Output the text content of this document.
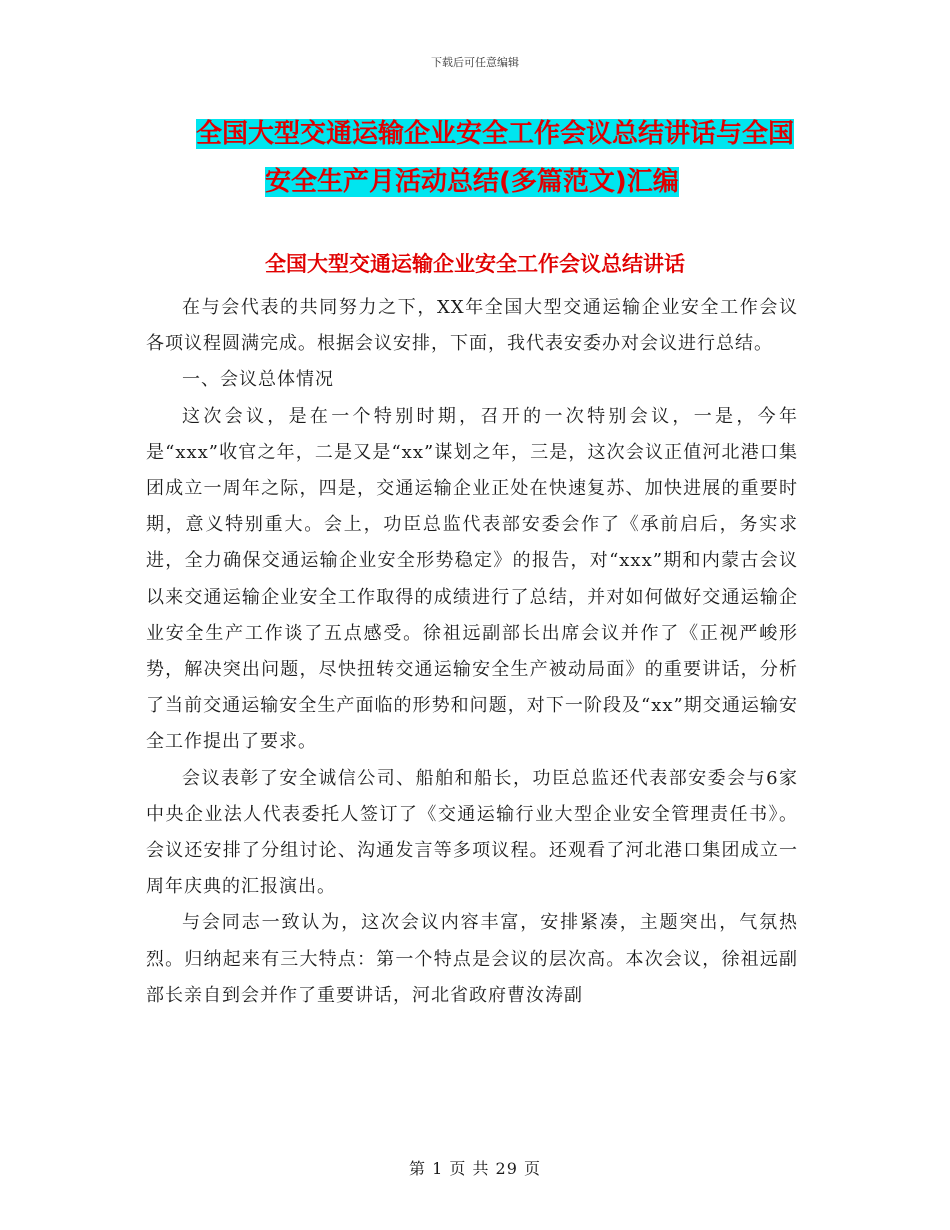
下载后可任意编辑
全国大型交通运输企业安全工作会议总结讲话与全国
安全生产月活动总结(多篇范文)汇编
全国大型交通运输企业安全工作会议总结讲话

在与会代表的共同努力之下，XX年全国大型交通运输企业安全工作会议各项议程圆满完成。根据会议安排，下面，我代表安委办对会议进行总结。

一、会议总体情况

这次会议，是在一个特别时期，召开的一次特别会议，一是，今年是“xxx”收官之年，二是又是“xx”谋划之年，三是，这次会议正值河北港口集团成立一周年之际，四是，交通运输企业正处在快速复苏、加快进展的重要时期，意义特别重大。会上，功臣总监代表部安委会作了《承前启后，务实求进，全力确保交通运输企业安全形势稳定》的报告，对“xxx”期和内蒙古会议以来交通运输企业安全工作取得的成绩进行了总结，并对如何做好交通运输企业安全生产工作谈了五点感受。徐祖远副部长出席会议并作了《正视严峻形势，解决突出问题，尽快扭转交通运输安全生产被动局面》的重要讲话，分析了当前交通运输安全生产面临的形势和问题，对下一阶段及“xx”期交通运输安全工作提出了要求。

会议表彰了安全诚信公司、船舶和船长，功臣总监还代表部安委会与6家中央企业法人代表委托人签订了《交通运输行业大型企业安全管理责任书》。会议还安排了分组讨论、沟通发言等多项议程。还观看了河北港口集团成立一周年庆典的汇报演出。

与会同志一致认为，这次会议内容丰富，安排紧凑，主题突出，气氛热烈。归纳起来有三大特点：第一个特点是会议的层次高。本次会议，徐祖远副部长亲自到会并作了重要讲话，河北省政府曹汝涛副

第 1 页 共 29 页
